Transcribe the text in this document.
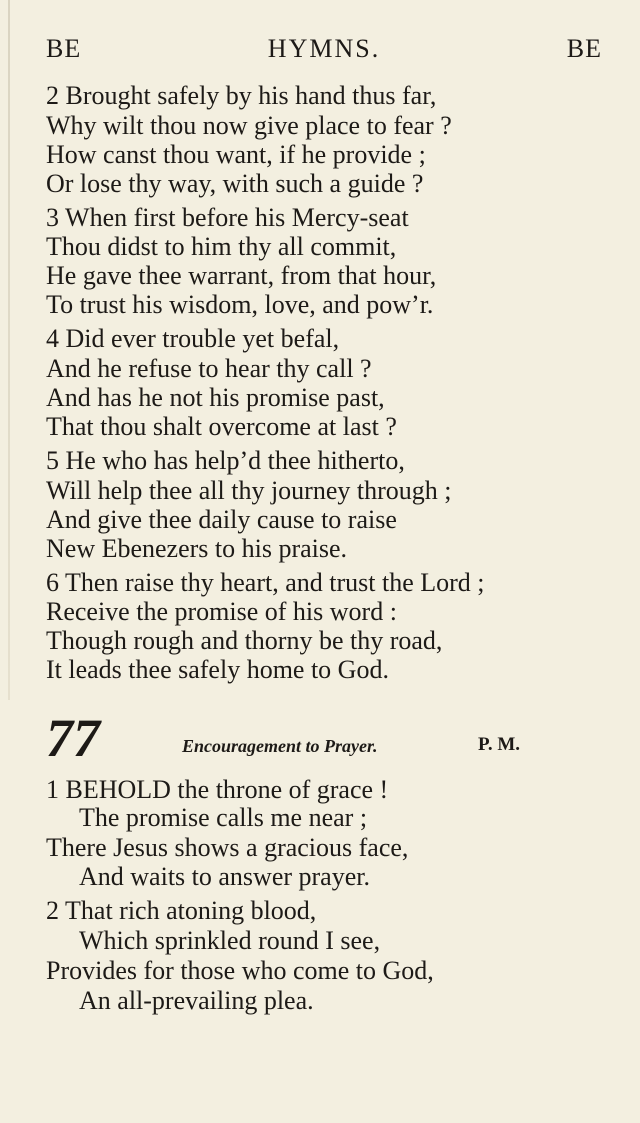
BE	HYMNS.	BE
2 Brought safely by his hand thus far,
Why wilt thou now give place to fear ?
How canst thou want, if he provide ;
Or lose thy way, with such a guide ?
3 When first before his Mercy-seat
Thou didst to him thy all commit,
He gave thee warrant, from that hour,
To trust his wisdom, love, and pow’r.
4 Did ever trouble yet befal,
And he refuse to hear thy call ?
And has he not his promise past,
That thou shalt overcome at last ?
5 He who has help’d thee hitherto,
Will help thee all thy journey through ;
And give thee daily cause to raise
New Ebenezers to his praise.
6 Then raise thy heart, and trust the Lord ;
Receive the promise of his word :
Though rough and thorny be thy road,
It leads thee safely home to God.
77	Encouragement to Prayer.	P. M.
1 BEHOLD the throne of grace !
The promise calls me near ;
There Jesus shows a gracious face,
And waits to answer prayer.
2 That rich atoning blood,
Which sprinkled round I see,
Provides for those who come to God,
An all-prevailing plea.
